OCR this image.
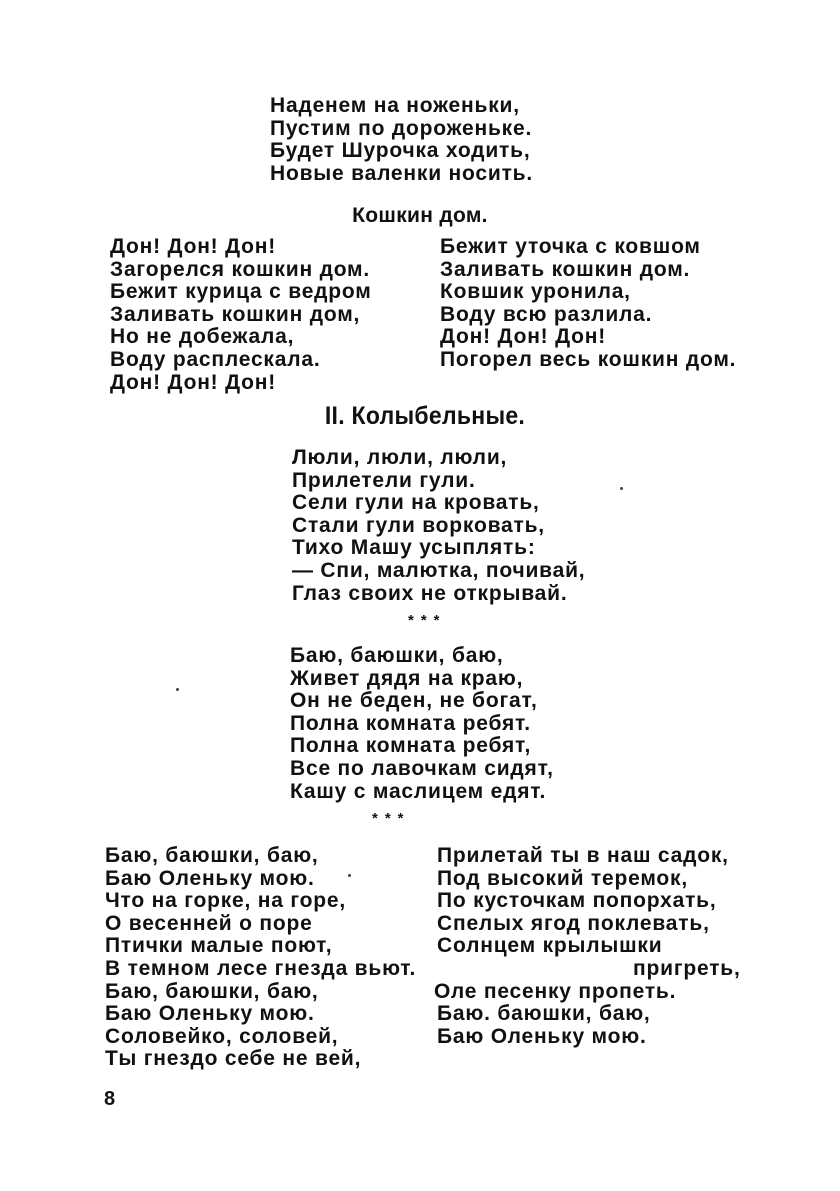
Наденем на ноженьки,
Пустим по дороженьке.
Будет Шурочка ходить,
Новые валенки носить.
Кошкин дом.
Дон! Дон! Дон!
Загорелся кошкин дом.
Бежит курица с ведром
Заливать кошкин дом,
Но не добежала,
Воду расплескала.
Дон! Дон! Дон!
Бежит уточка с ковшом
Заливать кошкин дом.
Ковшик уронила,
Воду всю разлила.
Дон! Дон! Дон!
Погорел весь кошкин дом.
II. Колыбельные.
Люли, люли, люли,
Прилетели гули.
Сели гули на кровать,
Стали гули ворковать,
Тихо Машу усыплять:
— Спи, малютка, почивай,
Глаз своих не открывай.
* * *
Баю, баюшки, баю,
Живет дядя на краю,
Он не беден, не богат,
Полна комната ребят.
Полна комната ребят,
Все по лавочкам сидят,
Кашу с маслицем едят.
* * *
Баю, баюшки, баю,
Баю Оленьку мою.
Что на горке, на горе,
О весенней о поре
Птички малые поют,
В темном лесе гнезда вьют.
Баю, баюшки, баю,
Баю Оленьку мою.
Соловейко, соловей,
Ты гнездо себе не вей,
Прилетай ты в наш садок,
Под высокий теремок,
По кусточкам попорхать,
Спелых ягод поклевать,
Солнцем крылышки
пригреть,
Оле песенку пропеть.
Баю. баюшки, баю,
Баю Оленьку мою.
8
